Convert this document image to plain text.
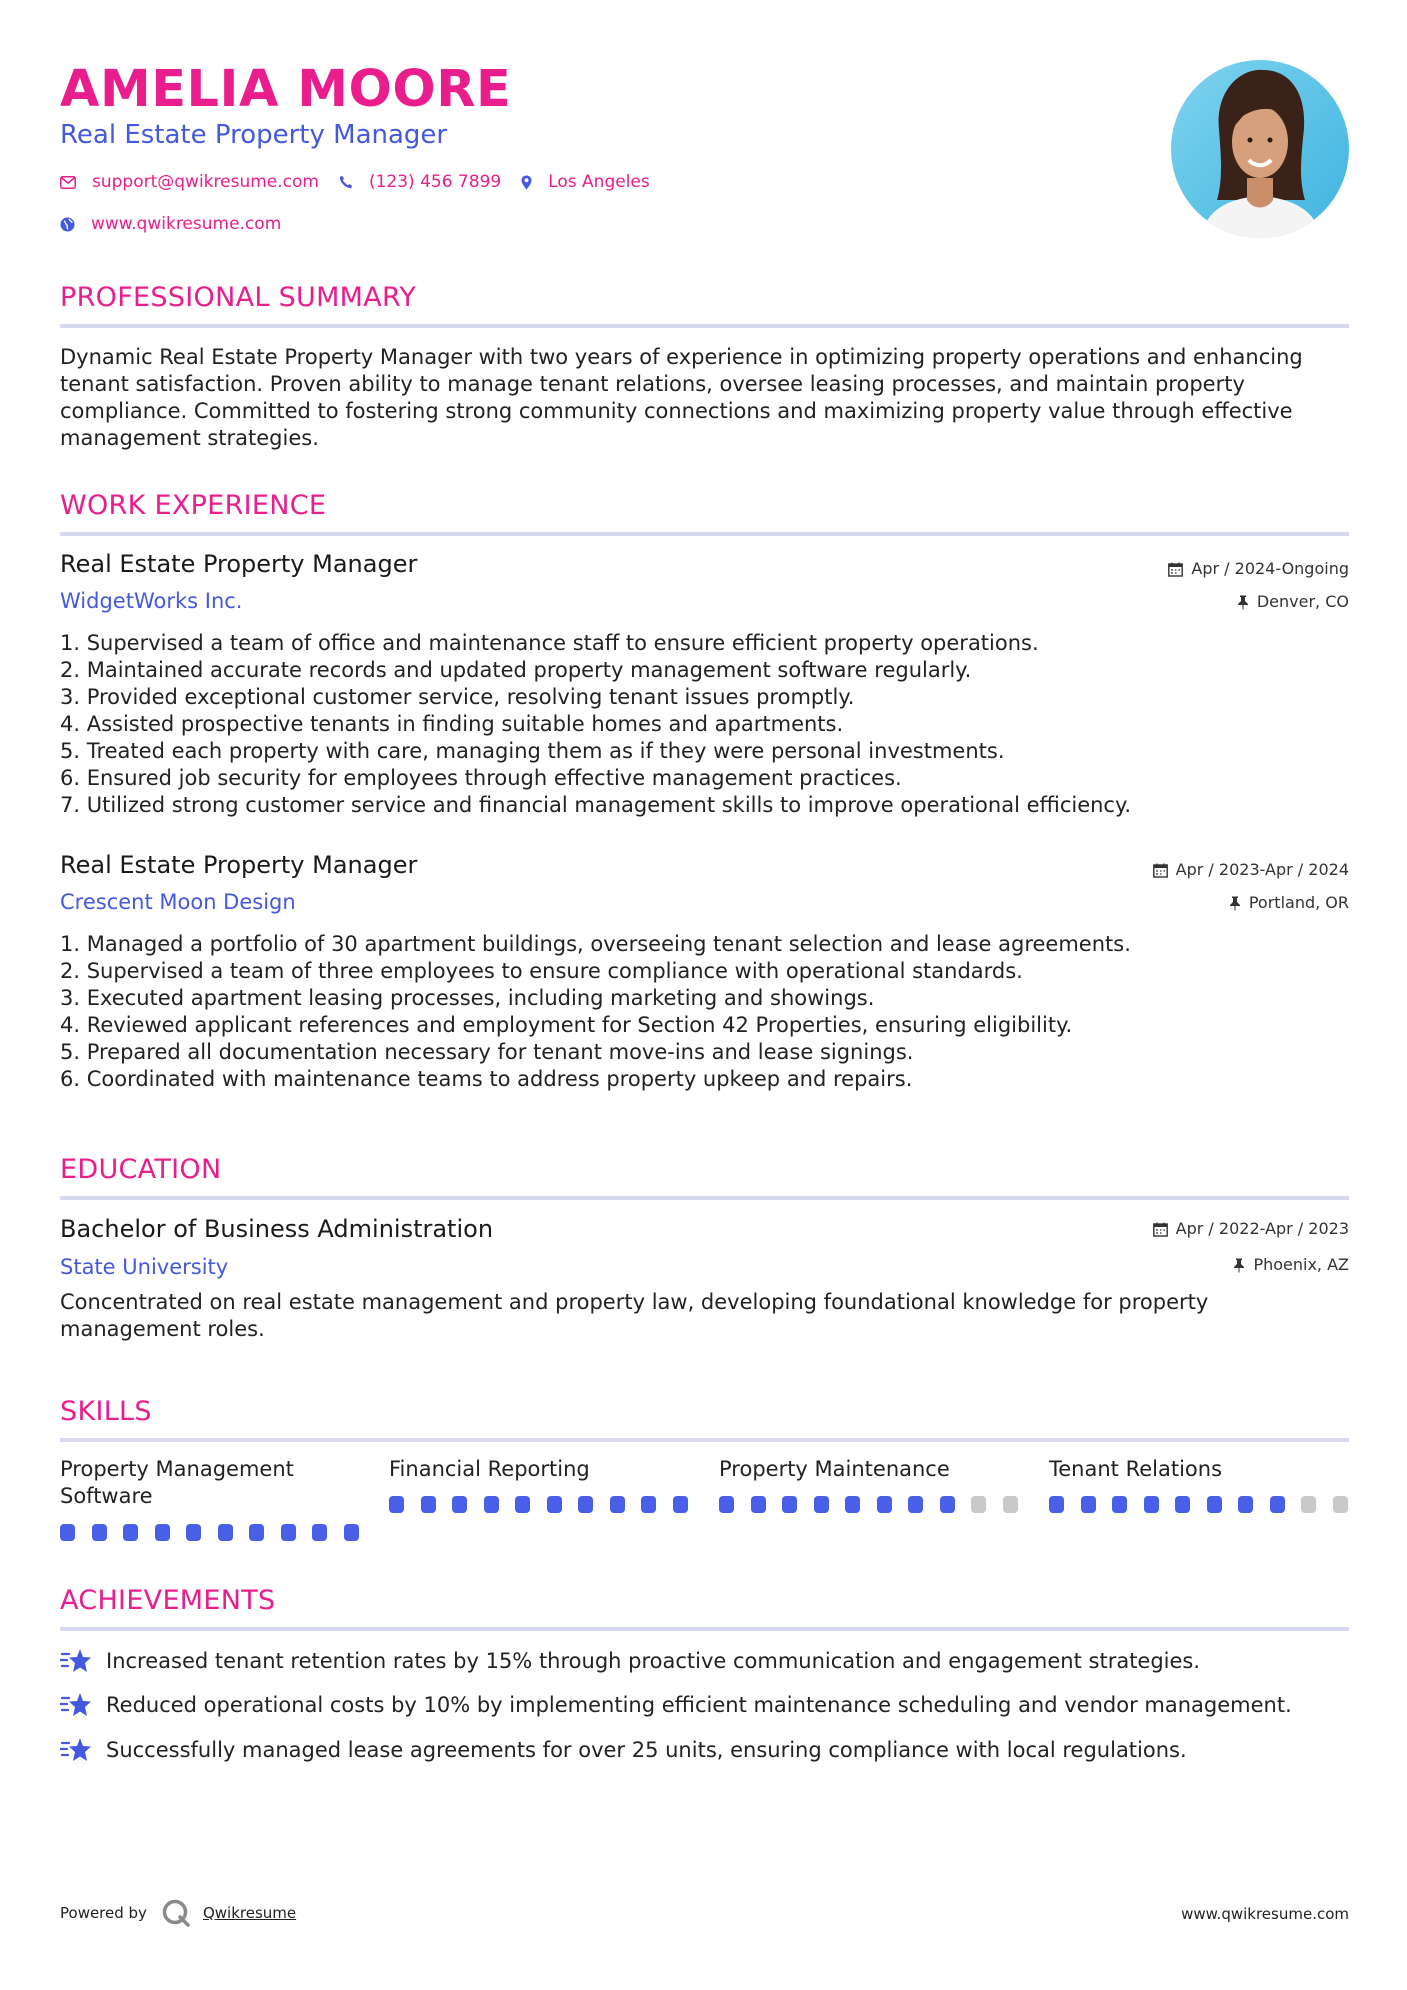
AMELIA MOORE
Real Estate Property Manager
support@qwikresume.com	(123) 456 7899	Los Angeles
www.qwikresume.com
PROFESSIONAL SUMMARY
Dynamic Real Estate Property Manager with two years of experience in optimizing property operations and enhancing tenant satisfaction. Proven ability to manage tenant relations, oversee leasing processes, and maintain property compliance. Committed to fostering strong community connections and maximizing property value through effective management strategies.
WORK EXPERIENCE
Real Estate Property Manager
WidgetWorks Inc.
Apr / 2024-Ongoing
Denver, CO
1. Supervised a team of office and maintenance staff to ensure efficient property operations.
2. Maintained accurate records and updated property management software regularly.
3. Provided exceptional customer service, resolving tenant issues promptly.
4. Assisted prospective tenants in finding suitable homes and apartments.
5. Treated each property with care, managing them as if they were personal investments.
6. Ensured job security for employees through effective management practices.
7. Utilized strong customer service and financial management skills to improve operational efficiency.
Real Estate Property Manager
Crescent Moon Design
Apr / 2023-Apr / 2024
Portland, OR
1. Managed a portfolio of 30 apartment buildings, overseeing tenant selection and lease agreements.
2. Supervised a team of three employees to ensure compliance with operational standards.
3. Executed apartment leasing processes, including marketing and showings.
4. Reviewed applicant references and employment for Section 42 Properties, ensuring eligibility.
5. Prepared all documentation necessary for tenant move-ins and lease signings.
6. Coordinated with maintenance teams to address property upkeep and repairs.
EDUCATION
Bachelor of Business Administration
State University
Apr / 2022-Apr / 2023
Phoenix, AZ
Concentrated on real estate management and property law, developing foundational knowledge for property management roles.
SKILLS
Property Management Software
Financial Reporting	Property Maintenance	Tenant Relations
ACHIEVEMENTS
Increased tenant retention rates by 15% through proactive communication and engagement strategies.
Reduced operational costs by 10% by implementing efficient maintenance scheduling and vendor management.
Successfully managed lease agreements for over 25 units, ensuring compliance with local regulations.
Powered by	Qwikresume	www.qwikresume.com
